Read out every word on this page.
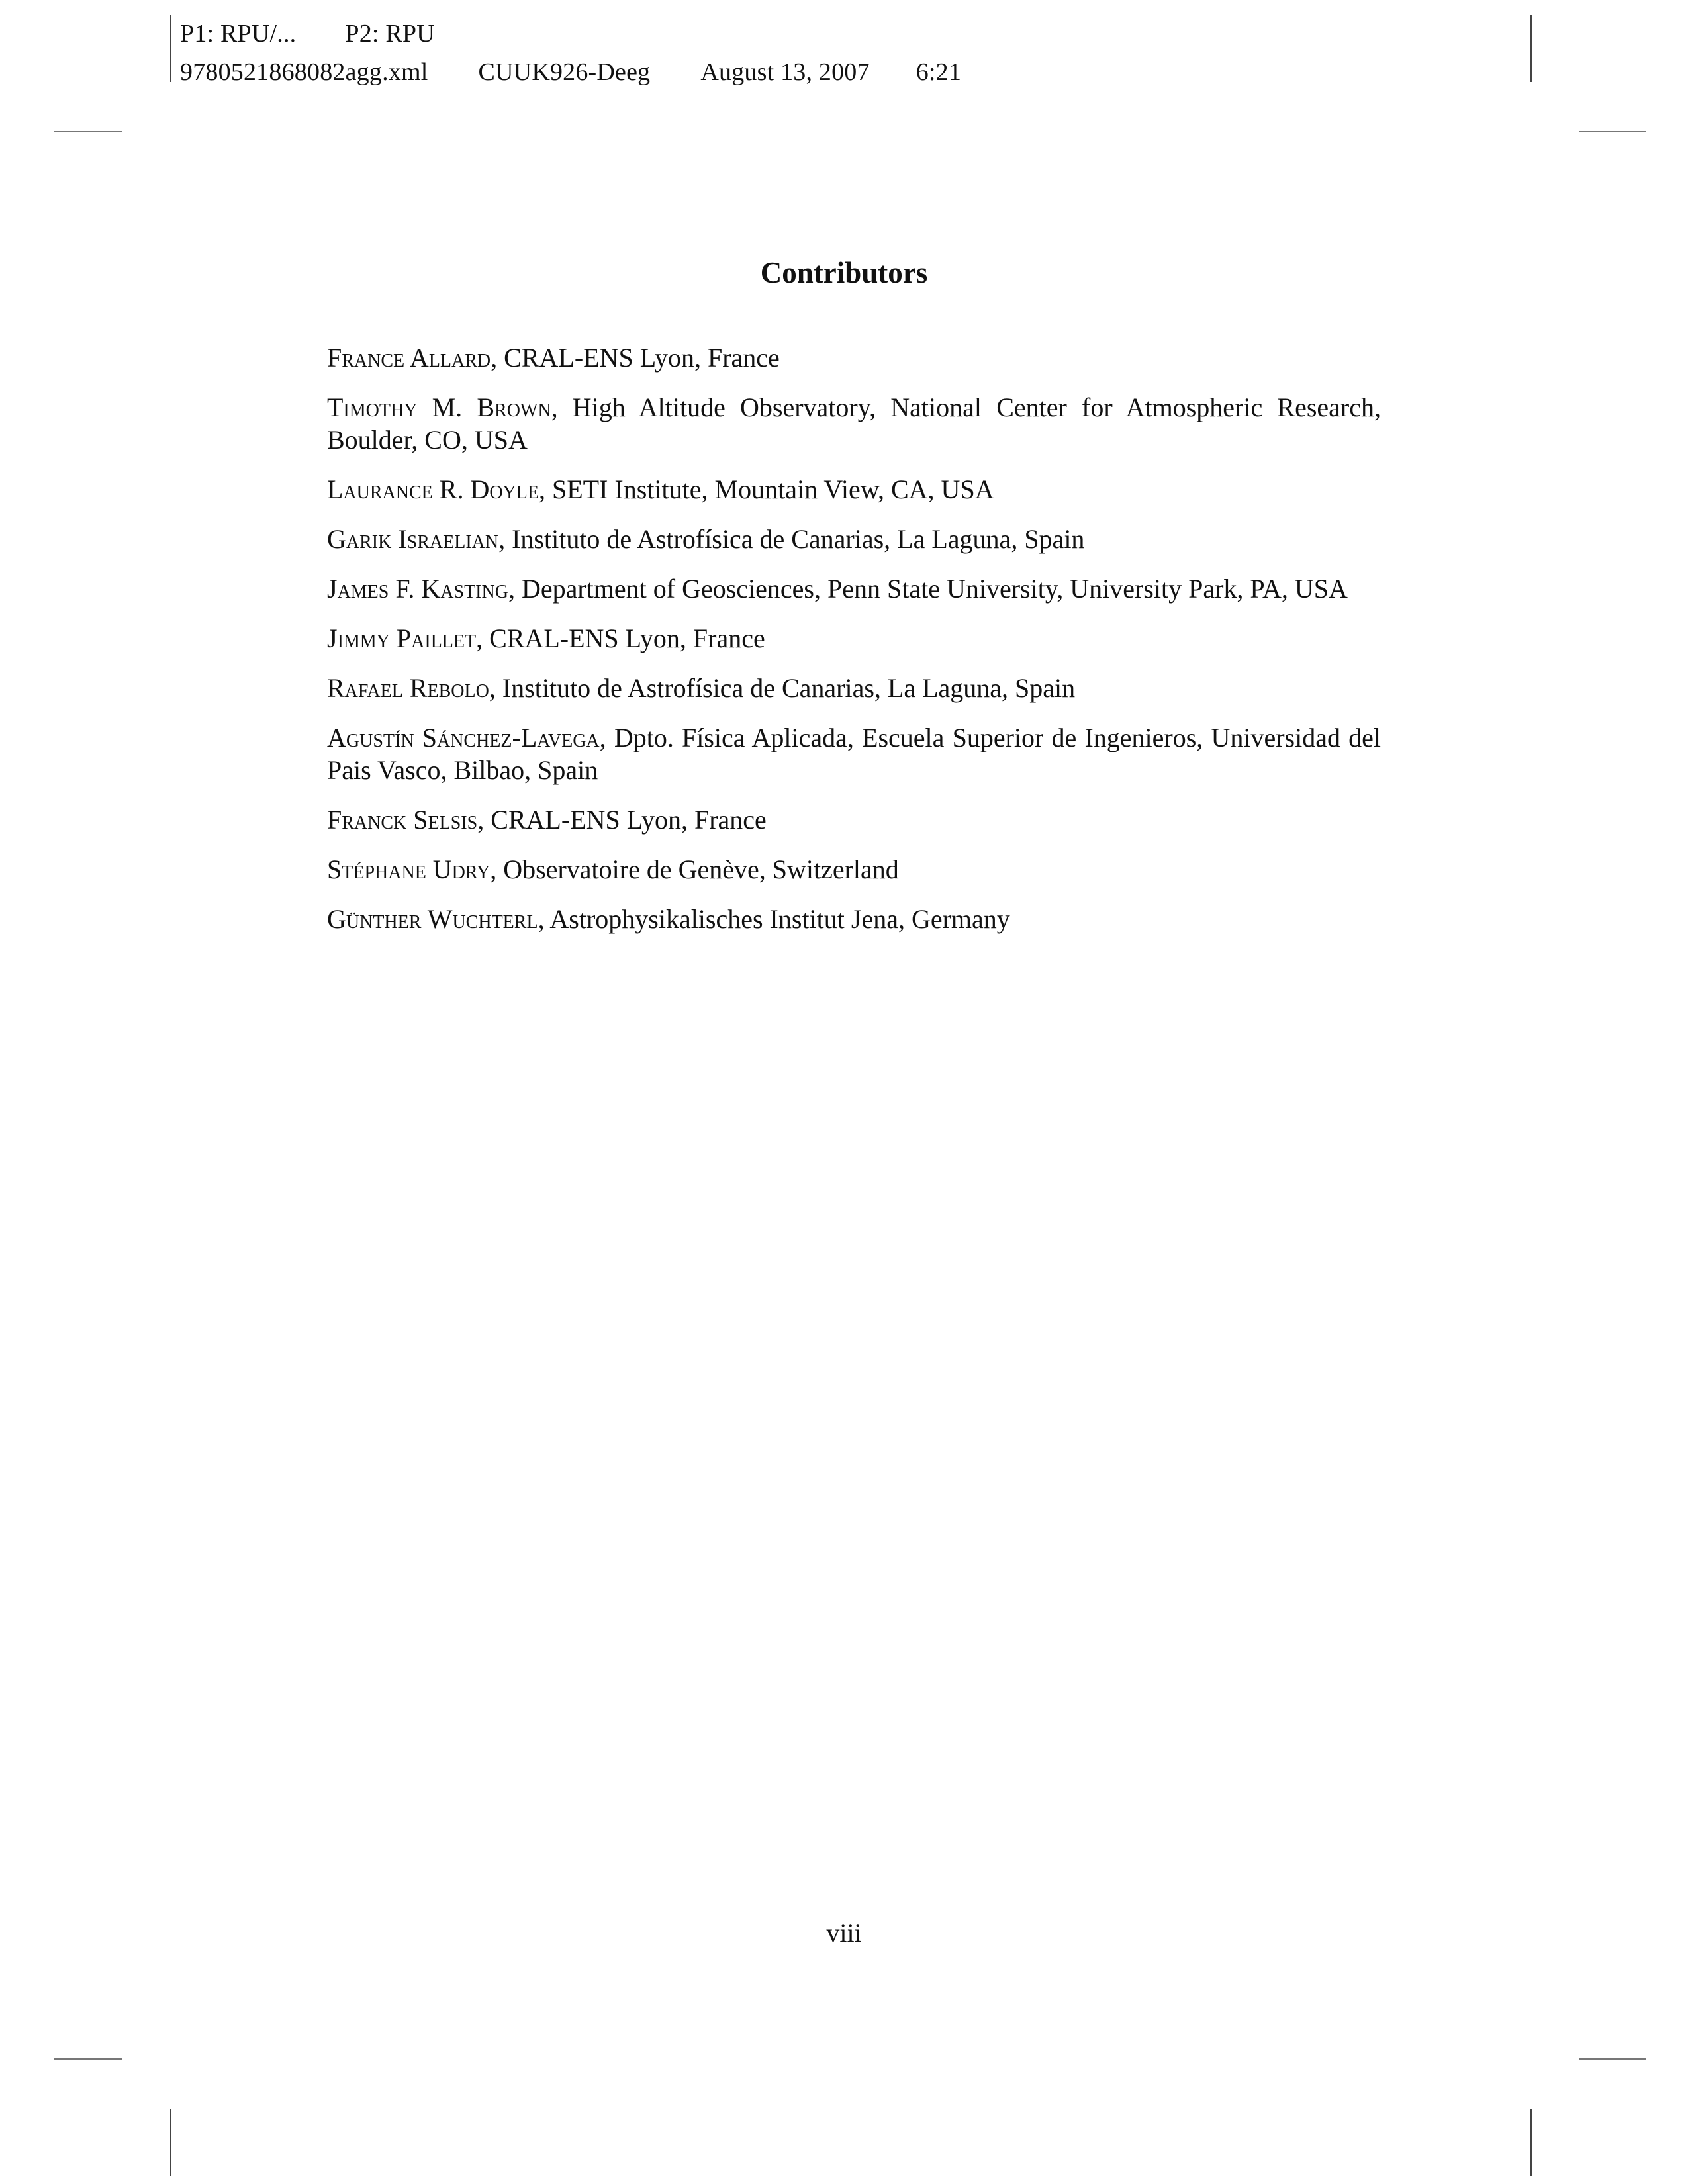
P1: RPU/... P2: RPU
9780521868082agg.xml CUUK926-Deeg August 13, 2007 6:21
Contributors
France Allard, CRAL-ENS Lyon, France
Timothy M. Brown, High Altitude Observatory, National Center for Atmospheric Research, Boulder, CO, USA
Laurance R. Doyle, SETI Institute, Mountain View, CA, USA
Garik Israelian, Instituto de Astrofísica de Canarias, La Laguna, Spain
James F. Kasting, Department of Geosciences, Penn State University, University Park, PA, USA
Jimmy Paillet, CRAL-ENS Lyon, France
Rafael Rebolo, Instituto de Astrofísica de Canarias, La Laguna, Spain
Agustín Sánchez-Lavega, Dpto. Física Aplicada, Escuela Superior de Ingenieros, Universidad del Pais Vasco, Bilbao, Spain
Franck Selsis, CRAL-ENS Lyon, France
Stéphane Udry, Observatoire de Genève, Switzerland
Günther Wuchterl, Astrophysikalisches Institut Jena, Germany
viii
